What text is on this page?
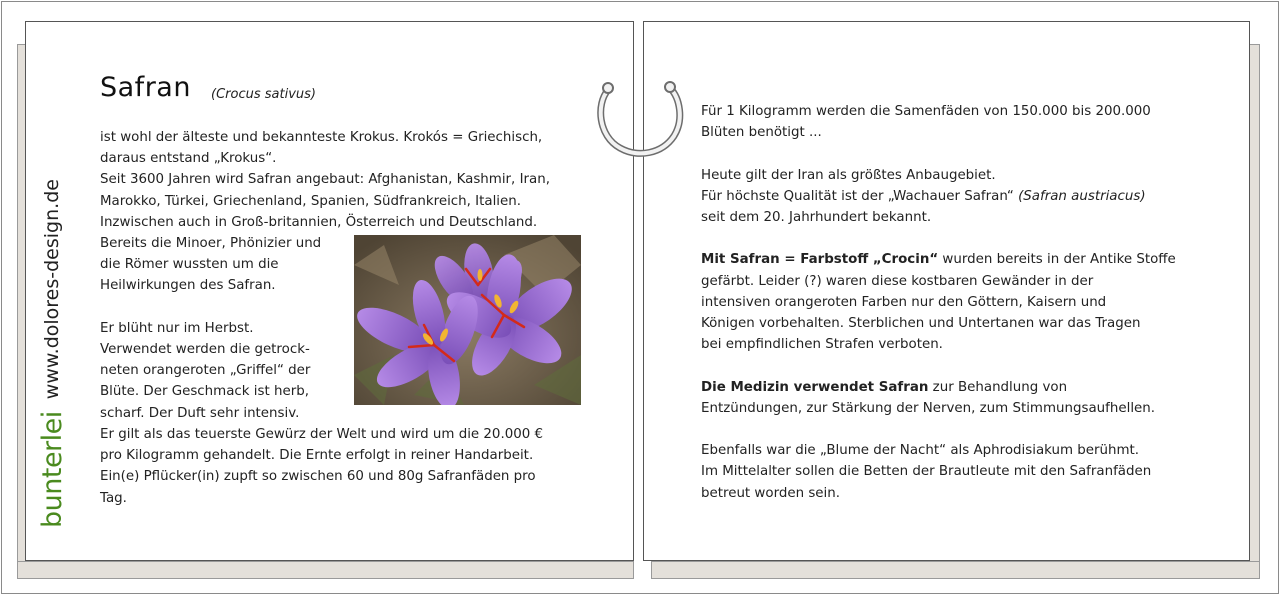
bunterlei
www.dolores-design.de
Safran (Crocus sativus)

ist wohl der älteste und bekannteste Krokus. Krokós = Griechisch,

daraus entstand „Krokus“.

Seit 3600 Jahren wird Safran angebaut: Afghanistan, Kashmir, Iran,

Marokko, Türkei, Griechenland, Spanien, Südfrankreich, Italien.

Inzwischen auch in Groß-britannien, Österreich und Deutschland.

Bereits die Minoer, Phönizier und

die Römer wussten um die

Heilwirkungen des Safran.

Er blüht nur im Herbst.

Verwendet werden die getrock-

neten orangeroten „Griffel“ der

Blüte. Der Geschmack ist herb,

scharf. Der Duft sehr intensiv.

Er gilt als das teuerste Gewürz der Welt und wird um die 20.000 €

pro Kilogramm gehandelt. Die Ernte erfolgt in reiner Handarbeit.

Ein(e) Pflücker(in) zupft so zwischen 60 und 80g Safranfäden pro

Tag.

Für 1 Kilogramm werden die Samenfäden von 150.000 bis 200.000

Blüten benötigt ...

Heute gilt der Iran als größtes Anbaugebiet.

Für höchste Qualität ist der „Wachauer Safran“ (Safran austriacus)

seit dem 20. Jahrhundert bekannt.

Mit Safran = Farbstoff „Crocin“ wurden bereits in der Antike Stoffe

gefärbt. Leider (?) waren diese kostbaren Gewänder in der

intensiven orangeroten Farben nur den Göttern, Kaisern und

Königen vorbehalten. Sterblichen und Untertanen war das Tragen

bei empfindlichen Strafen verboten.

Die Medizin verwendet Safran zur Behandlung von

Entzündungen, zur Stärkung der Nerven, zum Stimmungsaufhellen.

Ebenfalls war die „Blume der Nacht“ als Aphrodisiakum berühmt.

Im Mittelalter sollen die Betten der Brautleute mit den Safranfäden

betreut worden sein.
